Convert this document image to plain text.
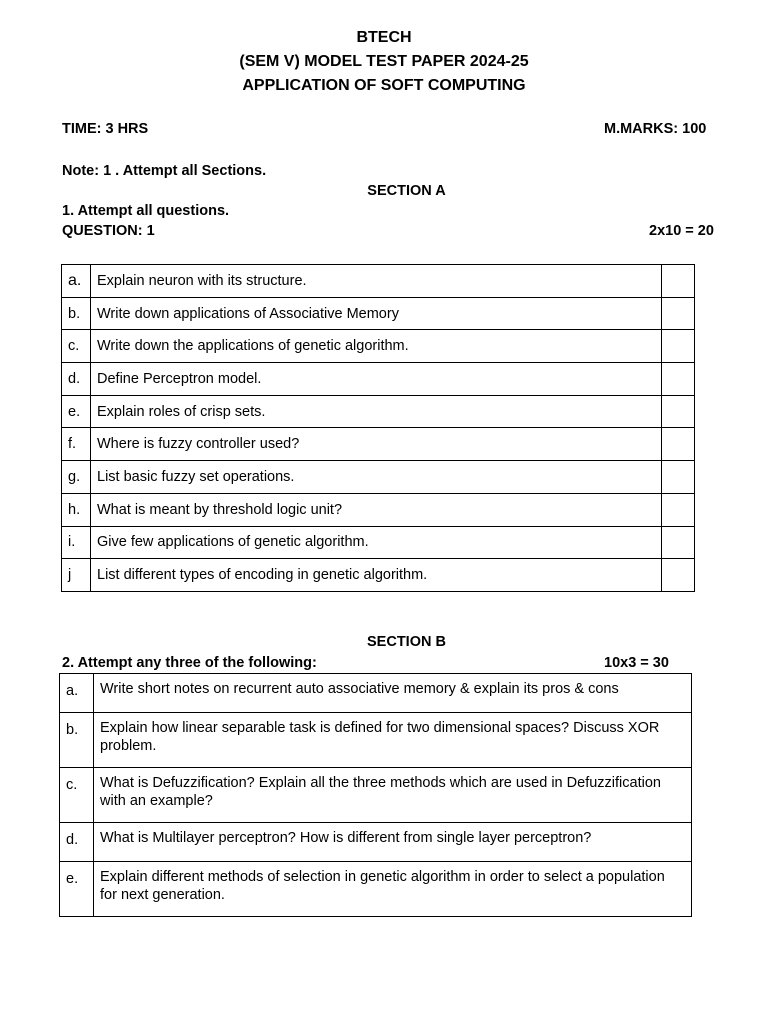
BTECH
(SEM V) MODEL TEST PAPER 2024-25
APPLICATION OF SOFT COMPUTING
TIME: 3 HRS	M.MARKS: 100
Note: 1 . Attempt all Sections.
SECTION A
1. Attempt all questions.
QUESTION: 1	2x10 = 20
a.	Explain neuron with its structure.	
b.	Write down applications of Associative Memory	
c.	Write down the applications of genetic algorithm.	
d.	Define Perceptron model.	
e.	Explain roles of crisp sets.	
f.	Where is fuzzy controller used?	
g.	List basic fuzzy set operations.	
h.	What is meant by threshold logic unit?	
i.	Give few applications of genetic algorithm.	
j	List different types of encoding in genetic algorithm.	
SECTION B
2. Attempt any three of the following:	10x3 = 30
a.	Write short notes on recurrent auto associative memory & explain its pros & cons
b.	Explain how linear separable task is defined for two dimensional spaces? Discuss XOR problem.
c.	What is Defuzzification? Explain all the three methods which are used in Defuzzification with an example?
d.	What is Multilayer perceptron? How is different from single layer perceptron?
e.	Explain different methods of selection in genetic algorithm in order to select a population for next generation.
